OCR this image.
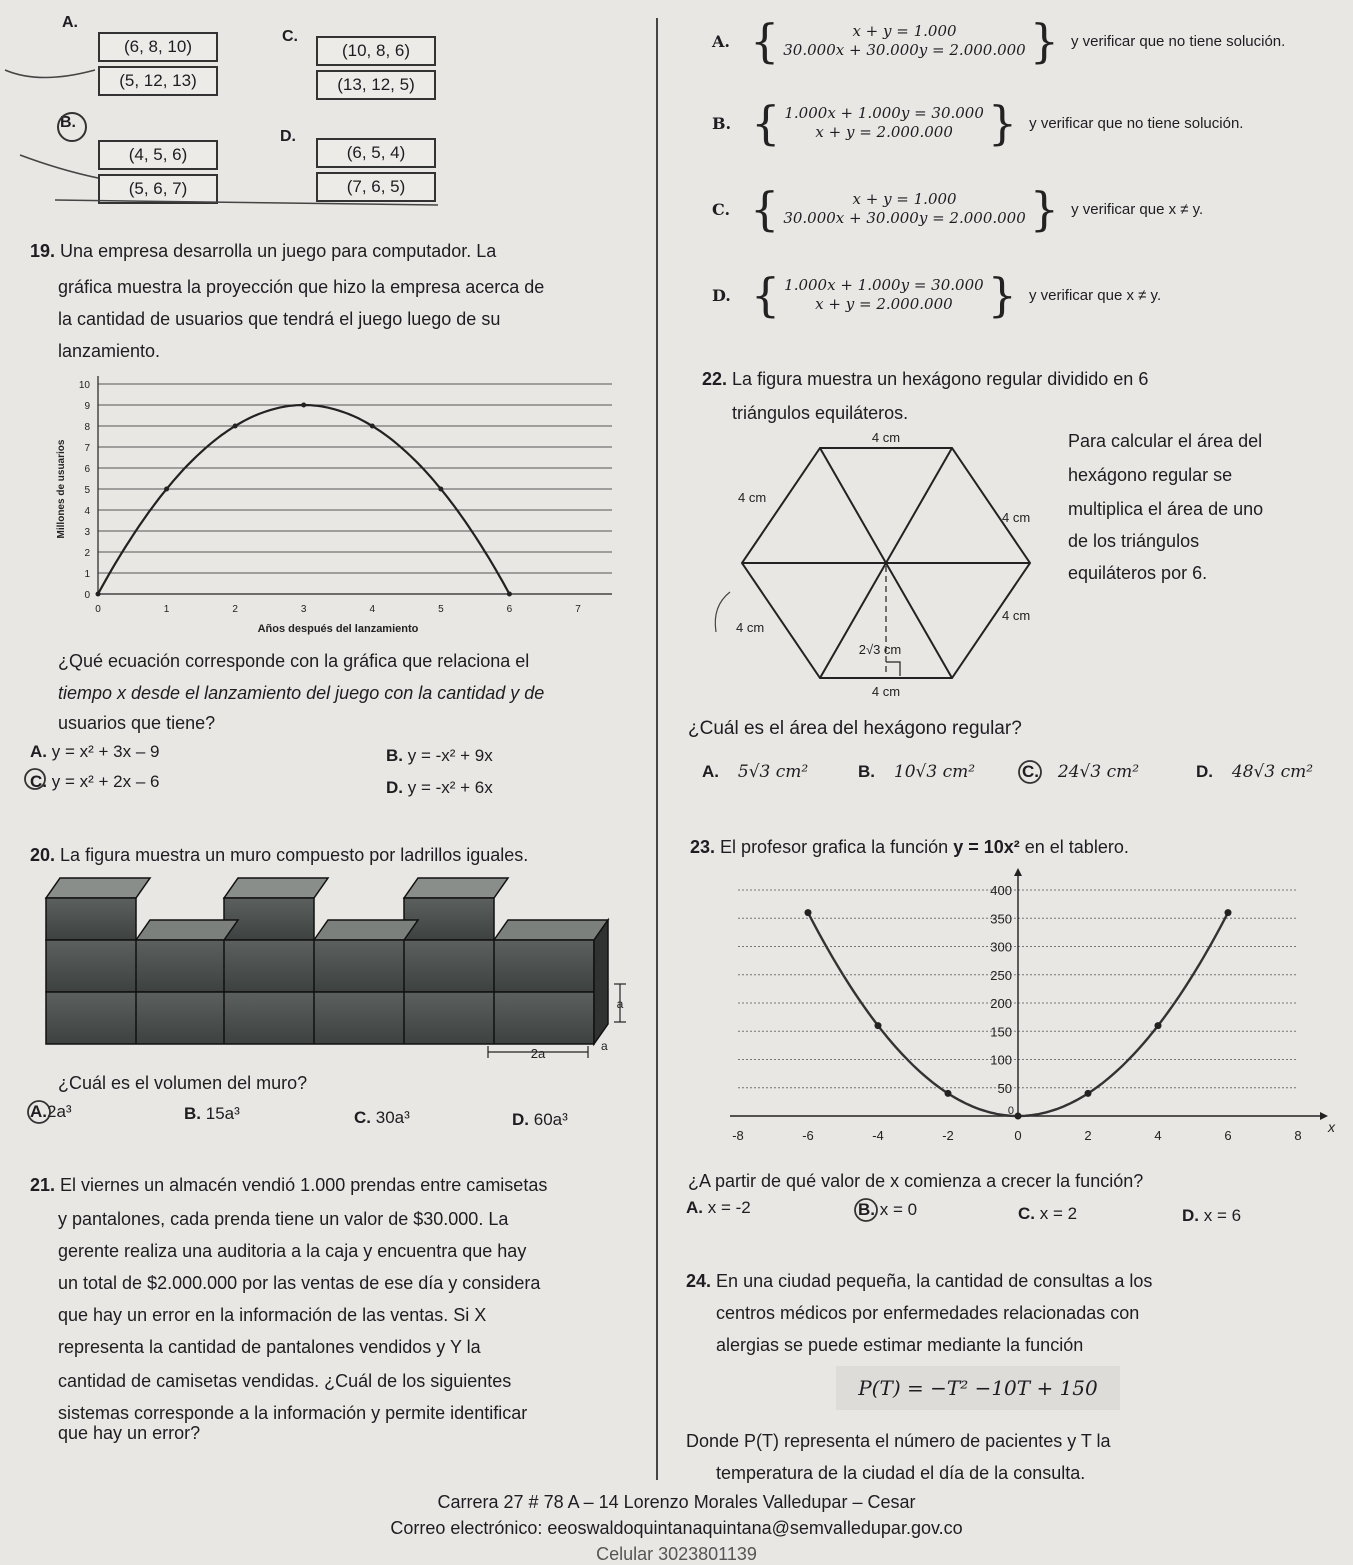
A.
(6, 8, 10)
(5, 12, 13)
C.
(10, 8, 6)
(13, 12, 5)
B.
(4, 5, 6)
(5, 6, 7)
D.
(6, 5, 4)
(7, 6, 5)
19. Una empresa desarrolla un juego para computador. La
gráfica muestra la proyección que hizo la empresa acerca de
la cantidad de usuarios que tendrá el juego luego de su
lanzamiento.
0
1
2
3
4
5
6
7
8
9
10
0	1	2	3	4	5	6	7
Años después del lanzamiento
Millones de usuarios
¿Qué ecuación corresponde con la gráfica que relaciona el
tiempo x desde el lanzamiento del juego con la cantidad y de
usuarios que tiene?
A. y = x² + 3x – 9	B. y = -x² + 9x
C. y = x² + 2x – 6	D. y = -x² + 6x
20. La figura muestra un muro compuesto por ladrillos iguales.
2a
a
a
¿Cuál es el volumen del muro?
A.2a³	B. 15a³	C. 30a³	D. 60a³
21. El viernes un almacén vendió 1.000 prendas entre camisetas
y pantalones, cada prenda tiene un valor de $30.000. La
gerente realiza una auditoria a la caja y encuentra que hay
un total de $2.000.000 por las ventas de ese día y considera
que hay un error en la información de las ventas. Si X
representa la cantidad de pantalones vendidos y Y la
cantidad de camisetas vendidas. ¿Cuál de los siguientes
sistemas corresponde a la información y permite identificar
que hay un error?
A. {	x + y = 1.000
30.000x + 30.000y = 2.000.000 } y verificar que no tiene solución.
B. { 1.000x + 1.000y = 30.000
x + y = 2.000.000 } y verificar que no tiene solución.
C. {	x + y = 1.000
30.000x + 30.000y = 2.000.000 } y verificar que x ≠ y.
D. { 1.000x + 1.000y = 30.000
x + y = 2.000.000 } y verificar que x ≠ y.
22. La figura muestra un hexágono regular dividido en 6
triángulos equiláteros.
4 cm
4 cm
4 cm
4 cm
4 cm
4 cm
2√3 cm
Para calcular el área del
hexágono regular se
multiplica el área de uno
de los triángulos
equiláteros por 6.
¿Cuál es el área del hexágono regular?
A. 5√3 cm²	B. 10√3 cm²	C. 24√3 cm²	D. 48√3 cm²
23. El profesor grafica la función y = 10x² en el tablero.
0
50
100
150
200
250
300
350
400
-8	-6	-4	-2	0	2	4	6	8
x
¿A partir de qué valor de x comienza a crecer la función?
A. x = -2	B. x = 0	C. x = 2	D. x = 6
24. En una ciudad pequeña, la cantidad de consultas a los
centros médicos por enfermedades relacionadas con
alergias se puede estimar mediante la función
P(T) = −T² −10T + 150
Donde P(T) representa el número de pacientes y T la
temperatura de la ciudad el día de la consulta.
Carrera 27 # 78 A – 14 Lorenzo Morales Valledupar – Cesar
Correo electrónico: eeoswaldoquintanaquintana@semvalledupar.gov.co
Celular 3023801139
